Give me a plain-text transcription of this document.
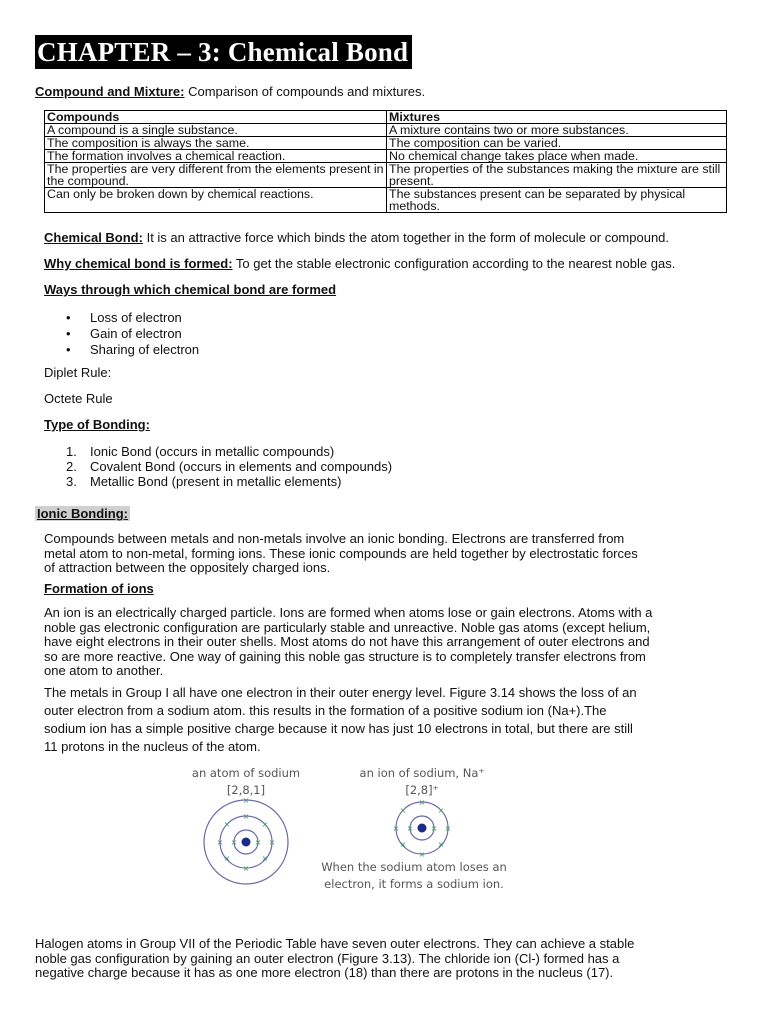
CHAPTER – 3: Chemical Bond
Compound and Mixture: Comparison of compounds and mixtures.
Compounds	Mixtures
A compound is a single substance.	A mixture contains two or more substances.
The composition is always the same.	The composition can be varied.
The formation involves a chemical reaction.	No chemical change takes place when made.
The properties are very different from the elements present in the compound.	The properties of the substances making the mixture are still present.
Can only be broken down by chemical reactions.	The substances present can be separated by physical methods.
Chemical Bond: It is an attractive force which binds the atom together in the form of molecule or compound.
Why chemical bond is formed: To get the stable electronic configuration according to the nearest noble gas.
Ways through which chemical bond are formed
• Loss of electron
• Gain of electron
• Sharing of electron
Diplet Rule:
Octete Rule
Type of Bonding:
1. Ionic Bond (occurs in metallic compounds)
2. Covalent Bond (occurs in elements and compounds)
3. Metallic Bond (present in metallic elements)
Ionic Bonding:
Compounds between metals and non-metals involve an ionic bonding. Electrons are transferred from
metal atom to non-metal, forming ions. These ionic compounds are held together by electrostatic forces
of attraction between the oppositely charged ions.
Formation of ions
An ion is an electrically charged particle. Ions are formed when atoms lose or gain electrons. Atoms with a
noble gas electronic configuration are particularly stable and unreactive. Noble gas atoms (except helium,
have eight electrons in their outer shells. Most atoms do not have this arrangement of outer electrons and
so are more reactive. One way of gaining this noble gas structure is to completely transfer electrons from
one atom to another.
The metals in Group I all have one electron in their outer energy level. Figure 3.14 shows the loss of an
outer electron from a sodium atom. this results in the formation of a positive sodium ion (Na+).The
sodium ion has a simple positive charge because it now has just 10 electrons in total, but there are still
11 protons in the nucleus of the atom.
an atom of sodium
[2,8,1]
an ion of sodium, Na⁺
[2,8]⁺
× ×
×
×
×	×
×	×
×	×
×
× ×
×
×
×	×
×	×
×	×
When the sodium atom loses an
electron, it forms a sodium ion.
Halogen atoms in Group VII of the Periodic Table have seven outer electrons. They can achieve a stable
noble gas configuration by gaining an outer electron (Figure 3.13). The chloride ion (Cl-) formed has a
negative charge because it has as one more electron (18) than there are protons in the nucleus (17).
